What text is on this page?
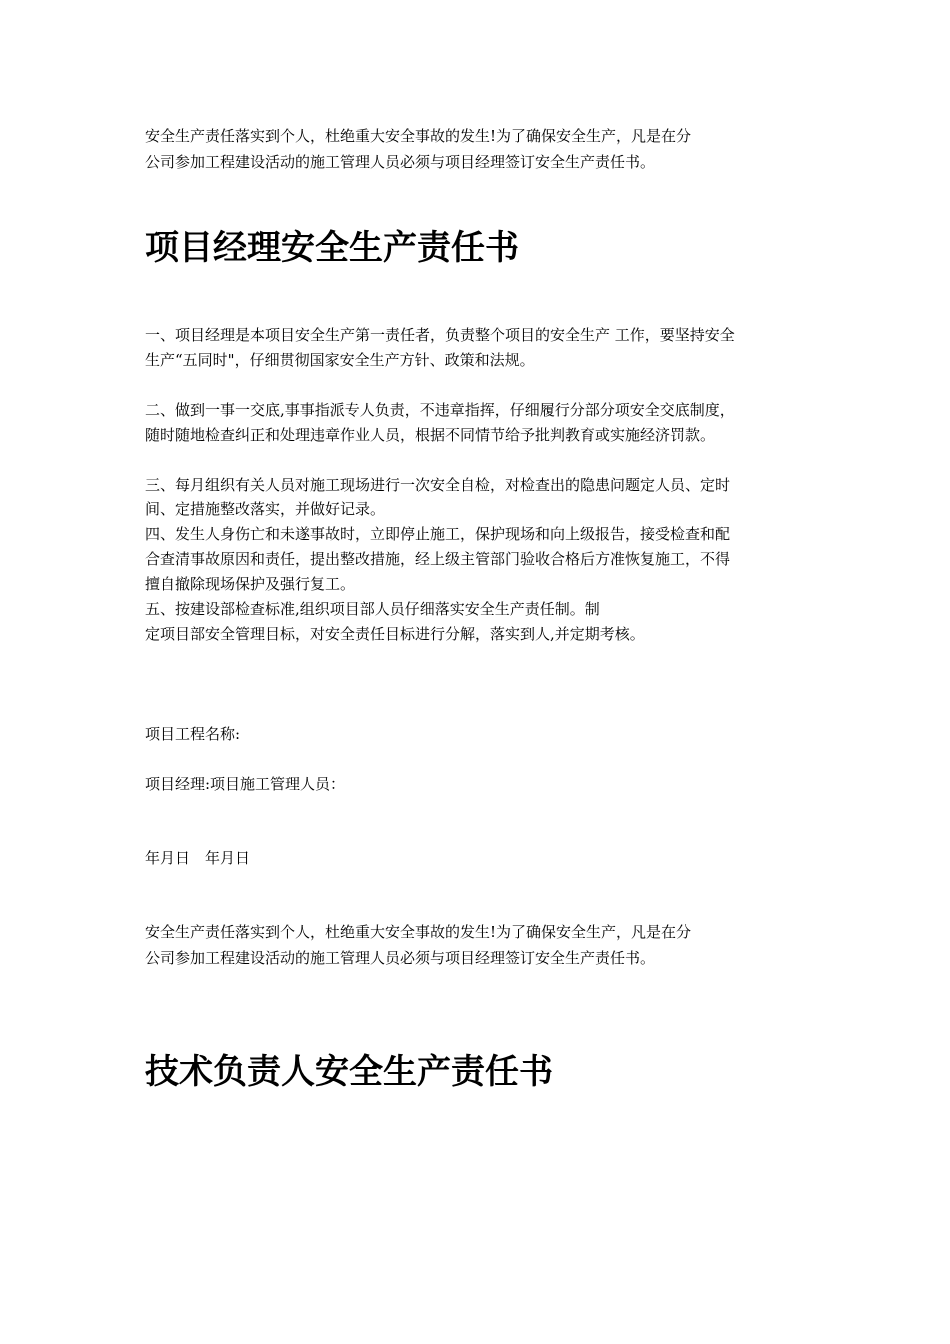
安全生产责任落实到个人，杜绝重大安全事故的发生!为了确保安全生产，凡是在分
公司参加工程建设活动的施工管理人员必须与项目经理签订安全生产责任书。
项目经理安全生产责任书
一、项目经理是本项目安全生产第一责任者，负责整个项目的安全生产 工作，要坚持安全
生产“五同时"，仔细贯彻国家安全生产方针、政策和法规。
二、做到一事一交底,事事指派专人负责，不违章指挥，仔细履行分部分项安全交底制度，
随时随地检查纠正和处理违章作业人员，根据不同情节给予批判教育或实施经济罚款。
三、每月组织有关人员对施工现场进行一次安全自检，对检查出的隐患问题定人员、定时
间、定措施整改落实，并做好记录。
四、发生人身伤亡和未遂事故时，立即停止施工，保护现场和向上级报告，接受检查和配
合查清事故原因和责任，提出整改措施，经上级主管部门验收合格后方准恢复施工，不得
擅自撤除现场保护及强行复工。
五、按建设部检查标准,组织项目部人员仔细落实安全生产责任制。制
定项目部安全管理目标，对安全责任目标进行分解，落实到人,并定期考核。
项目工程名称:
项目经理:项目施工管理人员：
年月日　年月日
安全生产责任落实到个人，杜绝重大安全事故的发生!为了确保安全生产，凡是在分
公司参加工程建设活动的施工管理人员必须与项目经理签订安全生产责任书。
技术负责人安全生产责任书
